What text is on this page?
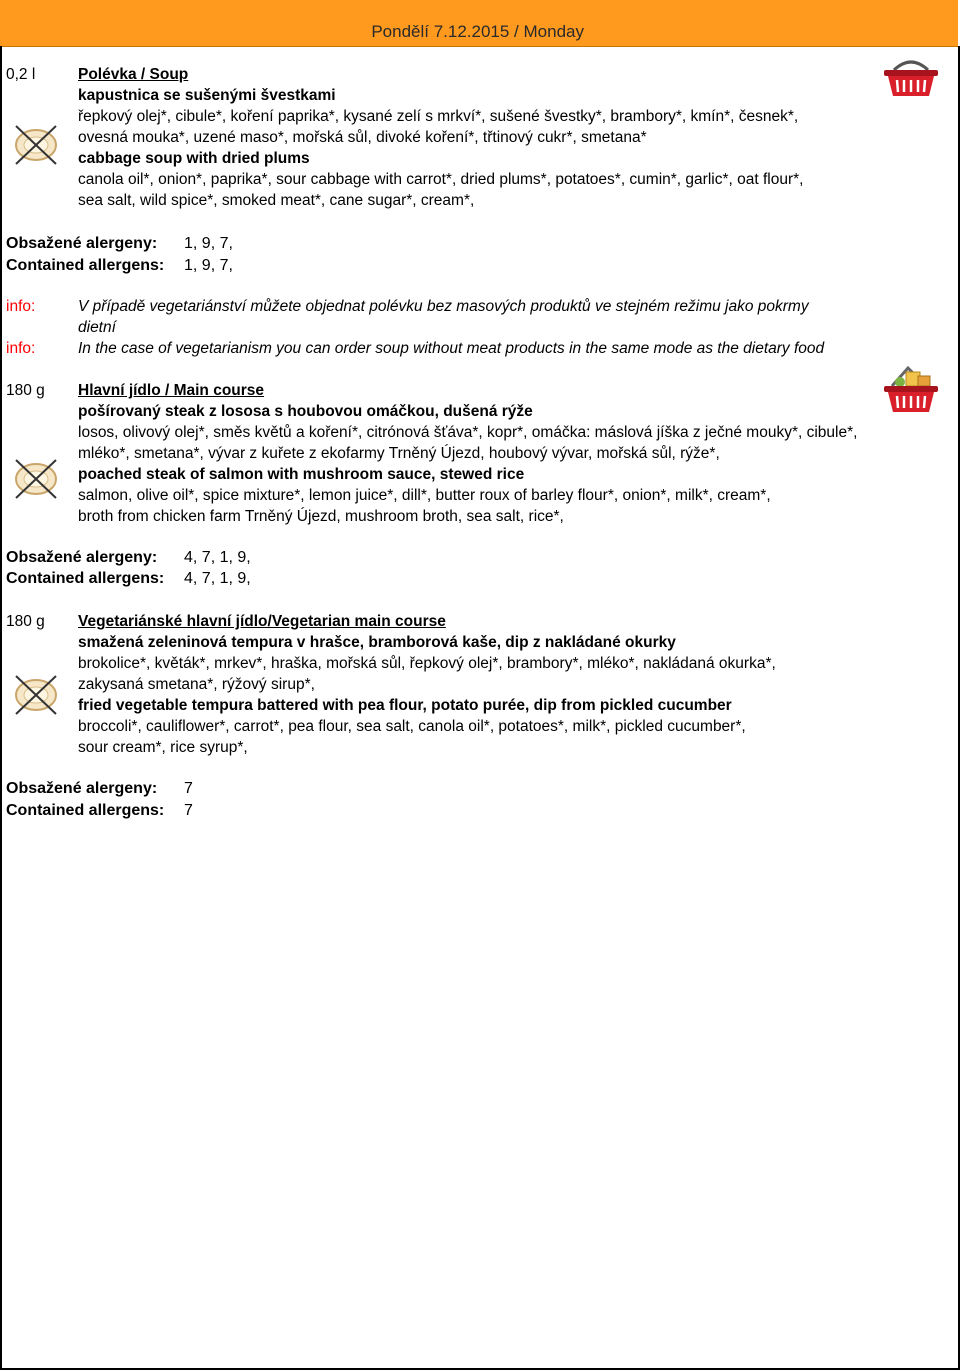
Pondělí 7.12.2015 / Monday
0,2 l	Polévka / Soup
kapustnica se sušenými švestkami
řepkový olej*, cibule*, koření paprika*, kysané zelí s mrkví*, sušené švestky*, brambory*, kmín*, česnek*,
ovesná mouka*, uzené maso*, mořská sůl, divoké koření*, třtinový cukr*, smetana*
cabbage soup with dried plums
canola oil*, onion*, paprika*, sour cabbage with carrot*, dried plums*, potatoes*, cumin*, garlic*, oat flour*,
sea salt, wild spice*, smoked meat*, cane sugar*, cream*,
Obsažené alergeny: 1, 9, 7,
Contained allergens: 1, 9, 7,
info:	V případě vegetariánství můžete objednat polévku bez masových produktů ve stejném režimu jako pokrmy
dietní
info:	In the case of vegetarianism you can order soup without meat products in the same mode as the dietary food
180 g Hlavní jídlo / Main course
pošírovaný steak z lososa s houbovou omáčkou, dušená rýže
losos, olivový olej*, směs květů a koření*, citrónová šťáva*, kopr*, omáčka: máslová jíška z ječné mouky*, cibule*,
mléko*, smetana*, vývar z kuřete z ekofarmy Trněný Újezd, houbový vývar, mořská sůl, rýže*,
poached steak of salmon with mushroom sauce, stewed rice
salmon, olive oil*, spice mixture*, lemon juice*, dill*, butter roux of barley flour*, onion*, milk*, cream*,
broth from chicken farm Trněný Újezd, mushroom broth, sea salt, rice*,
Obsažené alergeny: 4, 7, 1, 9,
Contained allergens: 4, 7, 1, 9,
180 g Vegetariánské hlavní jídlo/Vegetarian main course
smažená zeleninová tempura v hrašce, bramborová kaše, dip z nakládané okurky
brokolice*, květák*, mrkev*, hraška, mořská sůl, řepkový olej*, brambory*, mléko*, nakládaná okurka*,
zakysaná smetana*, rýžový sirup*,
fried vegetable tempura battered with pea flour, potato purée, dip from pickled cucumber
broccoli*, cauliflower*, carrot*, pea flour, sea salt, canola oil*, potatoes*, milk*, pickled cucumber*,
sour cream*, rice syrup*,
Obsažené alergeny: 7
Contained allergens: 7
